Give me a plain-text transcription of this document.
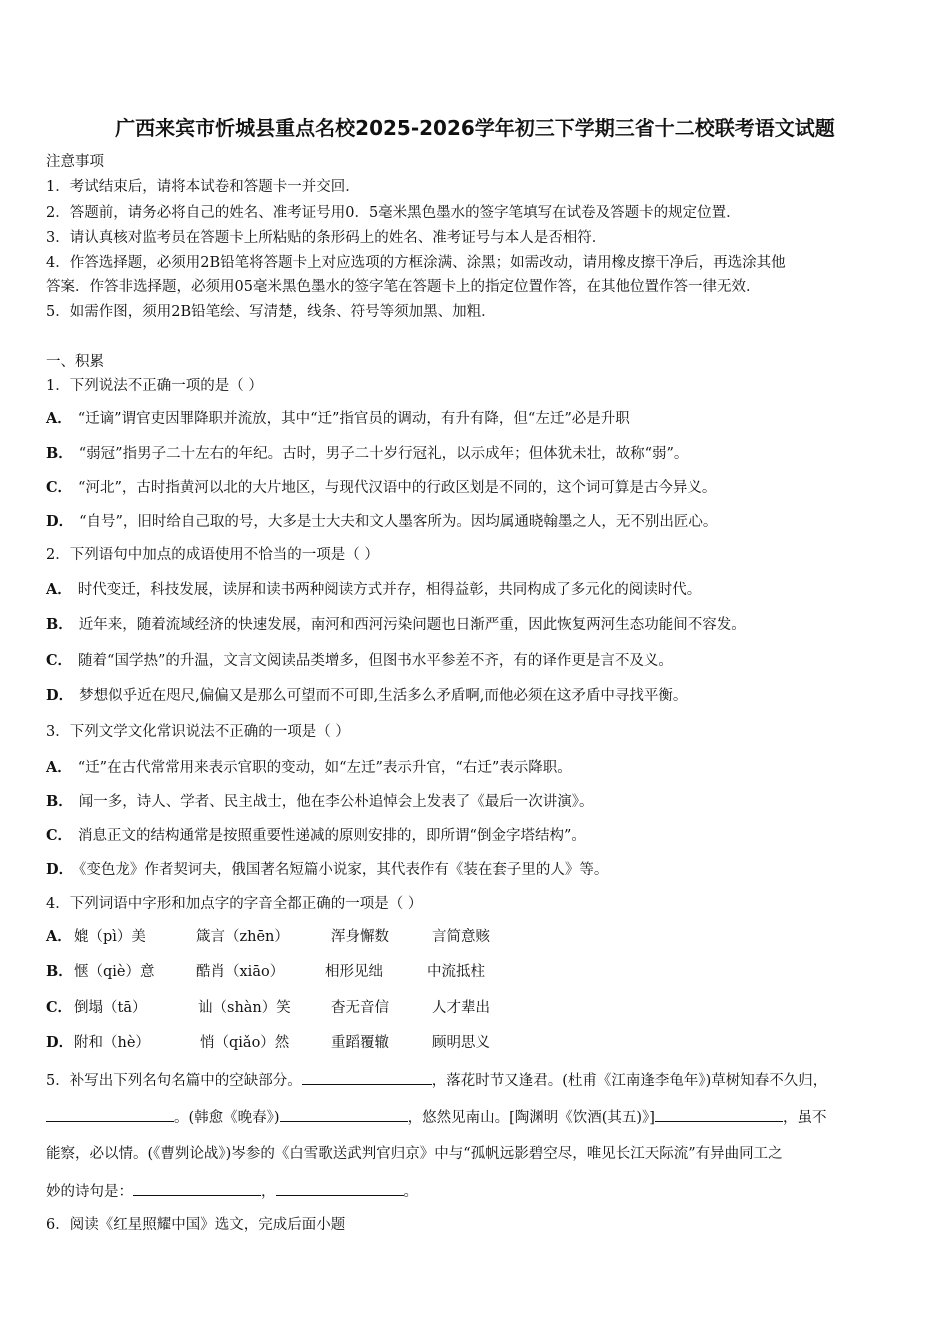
广西来宾市忻城县重点名校2025-2026学年初三下学期三省十二校联考语文试题
注意事项
1．考试结束后，请将本试卷和答题卡一并交回．
2．答题前，请务必将自己的姓名、准考证号用0．5毫米黑色墨水的签字笔填写在试卷及答题卡的规定位置．
3．请认真核对监考员在答题卡上所粘贴的条形码上的姓名、准考证号与本人是否相符．
4．作答选择题，必须用2B铅笔将答题卡上对应选项的方框涂满、涂黑；如需改动，请用橡皮擦干净后，再选涂其他
答案．作答非选择题，必须用05毫米黑色墨水的签字笔在答题卡上的指定位置作答，在其他位置作答一律无效．
5．如需作图，须用2B铅笔绘、写清楚，线条、符号等须加黑、加粗．
一、积累
1．下列说法不正确一项的是（ ）
A． “迁谪”谓官吏因罪降职并流放，其中“迁”指官员的调动，有升有降，但“左迁”必是升职
B． “弱冠”指男子二十左右的年纪。古时，男子二十岁行冠礼，以示成年；但体犹未壮，故称“弱”。
C． “河北”，古时指黄河以北的大片地区，与现代汉语中的行政区划是不同的，这个词可算是古今异义。
D． “自号”，旧时给自己取的号，大多是士大夫和文人墨客所为。因均属通晓翰墨之人，无不别出匠心。
2．下列语句中加点的成语使用不恰当的一项是（ ）
A． 时代变迁，科技发展，读屏和读书两种阅读方式并存，相得益彰，共同构成了多元化的阅读时代。
B． 近年来，随着流域经济的快速发展，南河和西河污染问题也日渐严重，因此恢复两河生态功能间不容发。
C． 随着“国学热”的升温，文言文阅读品类增多，但图书水平参差不齐，有的译作更是言不及义。
D． 梦想似乎近在咫尺,偏偏又是那么可望而不可即,生活多么矛盾啊,而他必须在这矛盾中寻找平衡。
3．下列文学文化常识说法不正确的一项是（ ）
A． “迁”在古代常常用来表示官职的变动，如“左迁”表示升官，“右迁”表示降职。
B． 闻一多，诗人、学者、民主战士，他在李公朴追悼会上发表了《最后一次讲演》。
C． 消息正文的结构通常是按照重要性递减的原则安排的，即所谓“倒金字塔结构”。
D． 《变色龙》作者契诃夫，俄国著名短篇小说家，其代表作有《装在套子里的人》等。
4．下列词语中字形和加点字的字音全都正确的一项是（ ）
A． 媲（pì）美	箴言（zhēn）	浑身懈数	言简意赅
B． 惬（qiè）意	酷肖（xiāo）	相形见绌	中流抵柱
C． 倒塌（tā）	讪（shàn）笑	杳无音信	人才辈出
D． 附和（hè）	悄（qiǎo）然	重蹈覆辙	顾明思义
5．补写出下列名句名篇中的空缺部分。	，落花时节又逢君。(杜甫《江南逢李龟年》)草树知春不久归，
。(韩愈《晚春》)	，悠然见南山。[陶渊明《饮酒(其五)》]	，虽不
能察，必以情。(《曹刿论战》)岑参的《白雪歌送武判官归京》中与“孤帆远影碧空尽，唯见长江天际流”有异曲同工之
妙的诗句是：	，	。
6．阅读《红星照耀中国》选文，完成后面小题
